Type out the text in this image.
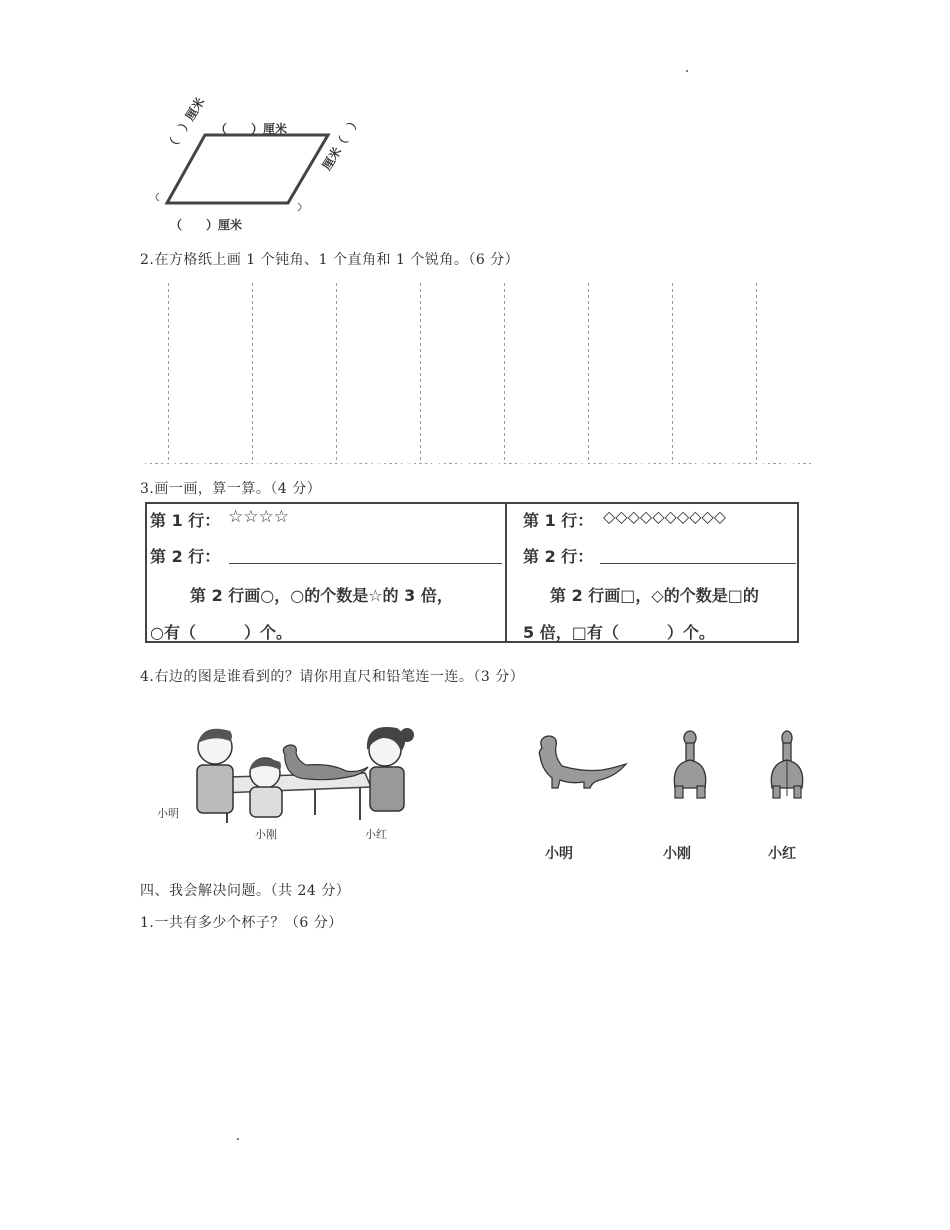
（　　）厘米
（　）厘米	厘米（　）
（　　）厘米
2.在方格纸上画 1 个钝角、1 个直角和 1 个锐角。（6 分）
3.画一画，算一算。（4 分）
第 1 行： ☆☆☆☆
第 2 行：
第 2 行画○，○的个数是☆的 3 倍，
○有（　　　）个。
第 1 行： ◇◇◇◇◇◇◇◇◇◇
第 2 行：
第 2 行画□，◇的个数是□的
5 倍，□有（　　　）个。
4.右边的图是谁看到的？请你用直尺和铅笔连一连。（3 分）
小明
小刚	小红
小明	小刚	小红
四、我会解决问题。（共 24 分）
1.一共有多少个杯子？（6 分）
